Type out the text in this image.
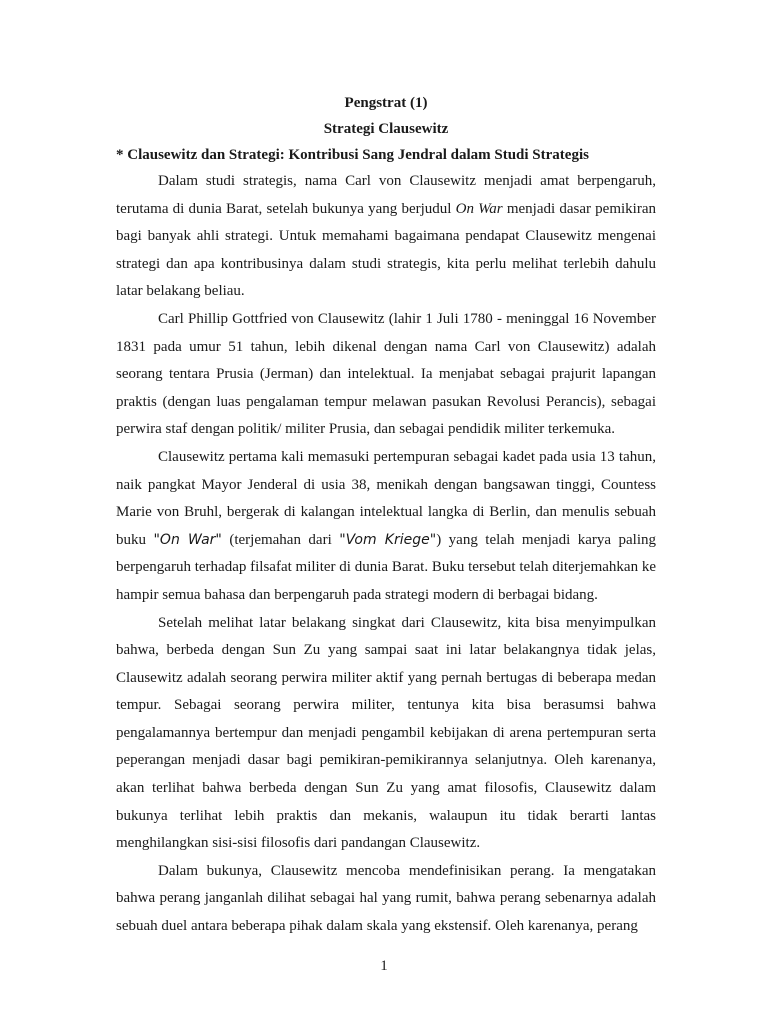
Pengstrat (1)

Strategi Clausewitz

* Clausewitz dan Strategi: Kontribusi Sang Jendral dalam Studi Strategis

Dalam studi strategis, nama Carl von Clausewitz menjadi amat berpengaruh, terutama di dunia Barat, setelah bukunya yang berjudul On War menjadi dasar pemikiran bagi banyak ahli strategi. Untuk memahami bagaimana pendapat Clausewitz mengenai strategi dan apa kontribusinya dalam studi strategis, kita perlu melihat terlebih dahulu latar belakang beliau.

Carl Phillip Gottfried von Clausewitz (lahir 1 Juli 1780 - meninggal 16 November 1831 pada umur 51 tahun, lebih dikenal dengan nama Carl von Clausewitz) adalah seorang tentara Prusia (Jerman) dan intelektual. Ia menjabat sebagai prajurit lapangan praktis (dengan luas pengalaman tempur melawan pasukan Revolusi Perancis), sebagai perwira staf dengan politik/ militer Prusia, dan sebagai pendidik militer terkemuka.

Clausewitz pertama kali memasuki pertempuran sebagai kadet pada usia 13 tahun, naik pangkat Mayor Jenderal di usia 38, menikah dengan bangsawan tinggi, Countess Marie von Bruhl, bergerak di kalangan intelektual langka di Berlin, dan menulis sebuah buku "On War" (terjemahan dari "Vom Kriege") yang telah menjadi karya paling berpengaruh terhadap filsafat militer di dunia Barat. Buku tersebut telah diterjemahkan ke hampir semua bahasa dan berpengaruh pada strategi modern di berbagai bidang.

Setelah melihat latar belakang singkat dari Clausewitz, kita bisa menyimpulkan bahwa, berbeda dengan Sun Zu yang sampai saat ini latar belakangnya tidak jelas, Clausewitz adalah seorang perwira militer aktif yang pernah bertugas di beberapa medan tempur. Sebagai seorang perwira militer, tentunya kita bisa berasumsi bahwa pengalamannya bertempur dan menjadi pengambil kebijakan di arena pertempuran serta peperangan menjadi dasar bagi pemikiran-pemikirannya selanjutnya. Oleh karenanya, akan terlihat bahwa berbeda dengan Sun Zu yang amat filosofis, Clausewitz dalam bukunya terlihat lebih praktis dan mekanis, walaupun itu tidak berarti lantas menghilangkan sisi-sisi filosofis dari pandangan Clausewitz.

Dalam bukunya, Clausewitz mencoba mendefinisikan perang. Ia mengatakan bahwa perang janganlah dilihat sebagai hal yang rumit, bahwa perang sebenarnya adalah sebuah duel antara beberapa pihak dalam skala yang ekstensif. Oleh karenanya, perang

1
